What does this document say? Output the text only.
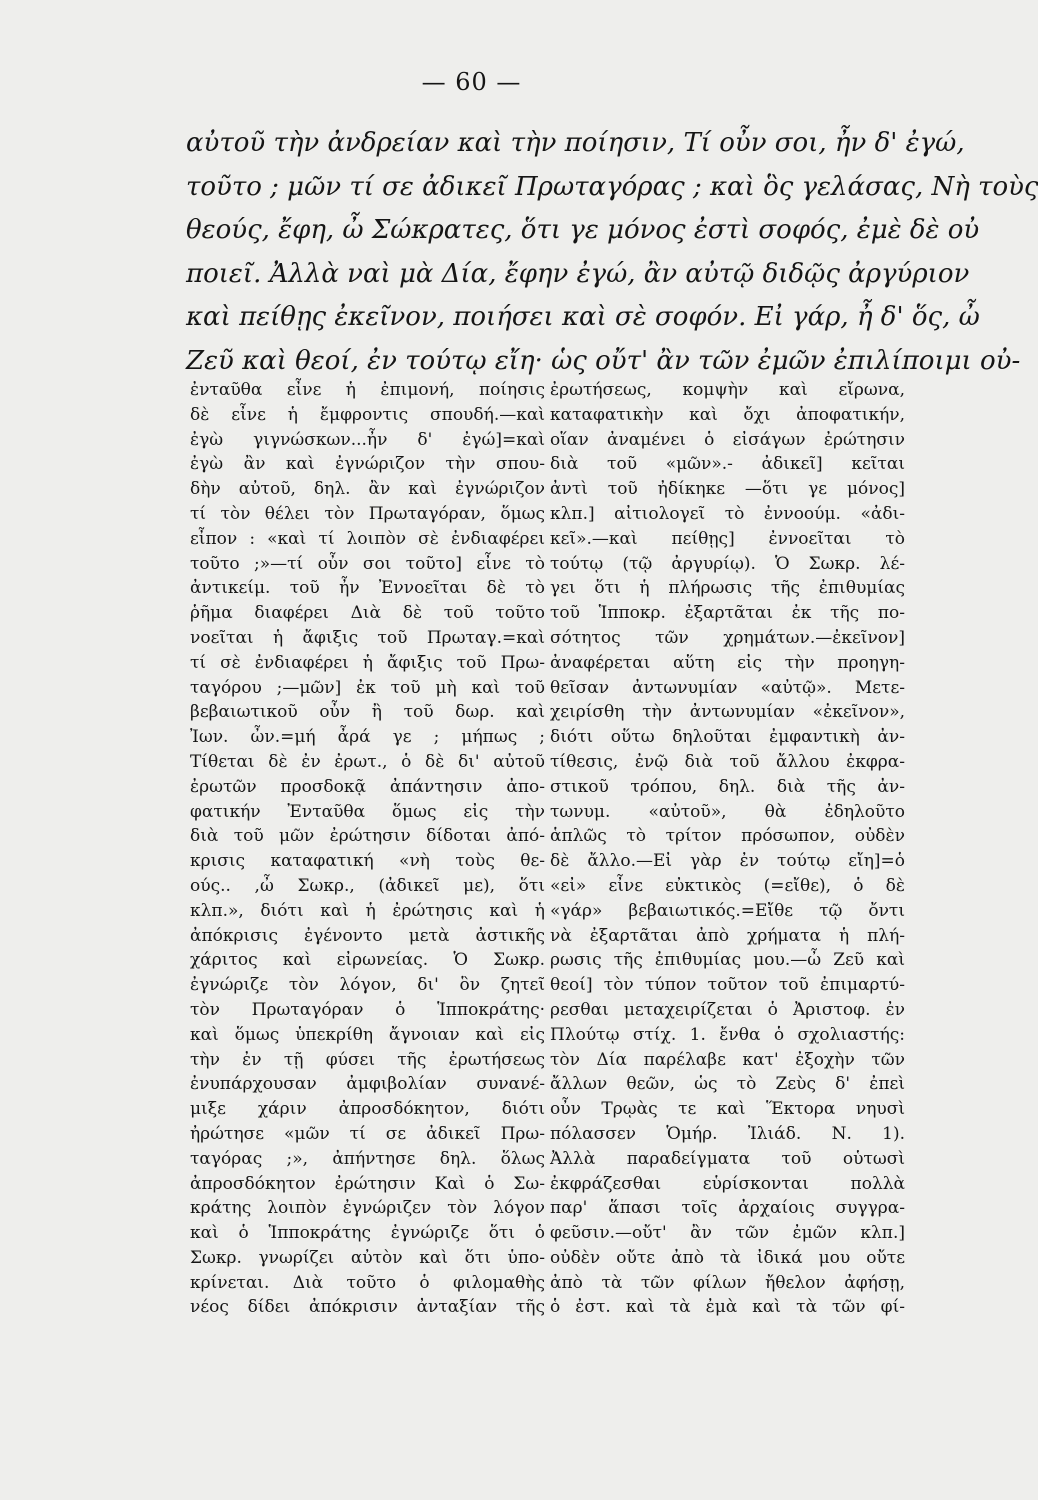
— 60 —
αὐτοῦ τὴν ἀνδρείαν καὶ τὴν ποίησιν, Τί οὖν σοι, ἦν δ' ἐγώ,
τοῦτο ; μῶν τί σε ἀδικεῖ Πρωταγόρας ; καὶ ὃς γελάσας, Νὴ τοὺς
θεούς, ἔφη, ὦ Σώκρατες, ὅτι γε μόνος ἐστὶ σοφός, ἐμὲ δὲ οὐ
ποιεῖ. Ἀλλὰ ναὶ μὰ Δία, ἔφην ἐγώ, ἂν αὐτῷ διδῷς ἀργύριον
καὶ πείθῃς ἐκεῖνον, ποιήσει καὶ σὲ σοφόν. Εἰ γάρ, ἦ δ' ὅς, ὦ
Ζεῦ καὶ θεοί, ἐν τούτῳ εἴη· ὡς οὔτ' ἂν τῶν ἐμῶν ἐπιλίποιμι οὐ-
ἐνταῦθα εἶνε ἡ ἐπιμονή, ποίησις
δὲ εἶνε ἡ ἔμφροντις σπουδή.—καὶ
ἐγὼ γιγνώσκων...ἦν δ' ἐγώ]=καὶ
ἐγὼ ἂν καὶ ἐγνώριζον τὴν σπου-
δὴν αὐτοῦ, δηλ. ἂν καὶ ἐγνώριζον
τί τὸν θέλει τὸν Πρωταγόραν, ὅμως
εἶπον : «καὶ τί λοιπὸν σὲ ἐνδιαφέρει
τοῦτο ;»—τί οὖν σοι τοῦτο] εἶνε τὸ
ἀντικείμ. τοῦ ἦν Ἐννοεῖται δὲ τὸ
ῥῆμα διαφέρει Διὰ δὲ τοῦ τοῦτο
νοεῖται ἡ ἄφιξις τοῦ Πρωταγ.=καὶ
τί σὲ ἐνδιαφέρει ἡ ἄφιξις τοῦ Πρω-
ταγόρου ;—μῶν] ἐκ τοῦ μὴ καὶ τοῦ
βεβαιωτικοῦ οὖν ἢ τοῦ δωρ. καὶ
Ἰων. ὦν.=μή ἆρά γε ; μήπως ;
Τίθεται δὲ ἐν ἐρωτ., ὁ δὲ δι' αὐτοῦ
ἐρωτῶν προσδοκᾷ ἀπάντησιν ἀπο-
φατικήν Ἐνταῦθα ὅμως εἰς τὴν
διὰ τοῦ μῶν ἐρώτησιν δίδοται ἀπό-
κρισις καταφατική «νὴ τοὺς θε-
ούς.. ,ὦ Σωκρ., (ἀδικεῖ με), ὅτι
κλπ.», διότι καὶ ἡ ἐρώτησις καὶ ἡ
ἀπόκρισις ἐγένοντο μετὰ ἀστικῆς
χάριτος καὶ εἰρωνείας. Ὁ Σωκρ.
ἐγνώριζε τὸν λόγον, δι' ὃν ζητεῖ
τὸν Πρωταγόραν ὁ Ἱπποκράτης·
καὶ ὅμως ὑπεκρίθη ἄγνοιαν καὶ εἰς
τὴν ἐν τῇ φύσει τῆς ἐρωτήσεως
ἐνυπάρχουσαν ἀμφιβολίαν συνανέ-
μιξε χάριν ἀπροσδόκητον, διότι
ἠρώτησε «μῶν τί σε ἀδικεῖ Πρω-
ταγόρας ;», ἀπήντησε δηλ. ὅλως
ἀπροσδόκητον ἐρώτησιν Καὶ ὁ Σω-
κράτης λοιπὸν ἐγνώριζεν τὸν λόγον
καὶ ὁ Ἱπποκράτης ἐγνώριζε ὅτι ὁ
Σωκρ. γνωρίζει αὐτὸν καὶ ὅτι ὑπο-
κρίνεται. Διὰ τοῦτο ὁ φιλομαθὴς
νέος δίδει ἀπόκρισιν ἀνταξίαν τῆς
ἐρωτήσεως, κομψὴν καὶ εἴρωνα,
καταφατικὴν καὶ ὄχι ἀποφατικήν,
οἵαν ἀναμένει ὁ εἰσάγων ἐρώτησιν
διὰ τοῦ «μῶν».- ἀδικεῖ] κεῖται
ἀντὶ τοῦ ἠδίκηκε —ὅτι γε μόνος]
κλπ.] αἰτιολογεῖ τὸ ἐννοούμ. «ἀδι-
κεῖ».—καὶ πείθῃς] ἐννοεῖται τὸ
τούτῳ (τῷ ἀργυρίῳ). Ὁ Σωκρ. λέ-
γει ὅτι ἡ πλήρωσις τῆς ἐπιθυμίας
τοῦ Ἱπποκρ. ἐξαρτᾶται ἐκ τῆς πο-
σότητος τῶν χρημάτων.—ἐκεῖνον]
ἀναφέρεται αὕτη εἰς τὴν προηγη-
θεῖσαν ἀντωνυμίαν «αὐτῷ». Μετε-
χειρίσθη τὴν ἀντωνυμίαν «ἐκεῖνον»,
διότι οὕτω δηλοῦται ἐμφαντικὴ ἀν-
τίθεσις, ἐνῷ διὰ τοῦ ἄλλου ἐκφρα-
στικοῦ τρόπου, δηλ. διὰ τῆς ἀν-
τωνυμ. «αὐτοῦ», θὰ ἐδηλοῦτο
ἁπλῶς τὸ τρίτον πρόσωπον, οὐδὲν
δὲ ἄλλο.—Εἰ γὰρ ἐν τούτῳ εἴη]=ὁ
«εἰ» εἶνε εὐκτικὸς (=εἴθε), ὁ δὲ
«γάρ» βεβαιωτικός.=Εἴθε τῷ ὄντι
νὰ ἐξαρτᾶται ἀπὸ χρήματα ἡ πλή-
ρωσις τῆς ἐπιθυμίας μου.—ὦ Ζεῦ καὶ
θεοί] τὸν τύπον τοῦτον τοῦ ἐπιμαρτύ-
ρεσθαι μεταχειρίζεται ὁ Ἀριστοφ. ἐν
Πλούτῳ στίχ. 1. ἔνθα ὁ σχολιαστής:
τὸν Δία παρέλαβε κατ' ἐξοχὴν τῶν
ἄλλων θεῶν, ὡς τὸ Ζεὺς δ' ἐπεὶ
οὖν Τρῳὰς τε καὶ Ἕκτορα νηυσὶ
πόλασσεν Ὁμήρ. Ἰλιάδ. Ν. 1).
Ἀλλὰ παραδείγματα τοῦ οὑτωσὶ
ἐκφράζεσθαι εὑρίσκονται πολλὰ
παρ' ἅπασι τοῖς ἀρχαίοις συγγρα-
φεῦσιν.—οὔτ' ἂν τῶν ἐμῶν κλπ.]
οὐδὲν οὔτε ἀπὸ τὰ ἰδικά μου οὔτε
ἀπὸ τὰ τῶν φίλων ἤθελον ἀφήσῃ,
ὁ ἐστ. καὶ τὰ ἐμὰ καὶ τὰ τῶν φί-
